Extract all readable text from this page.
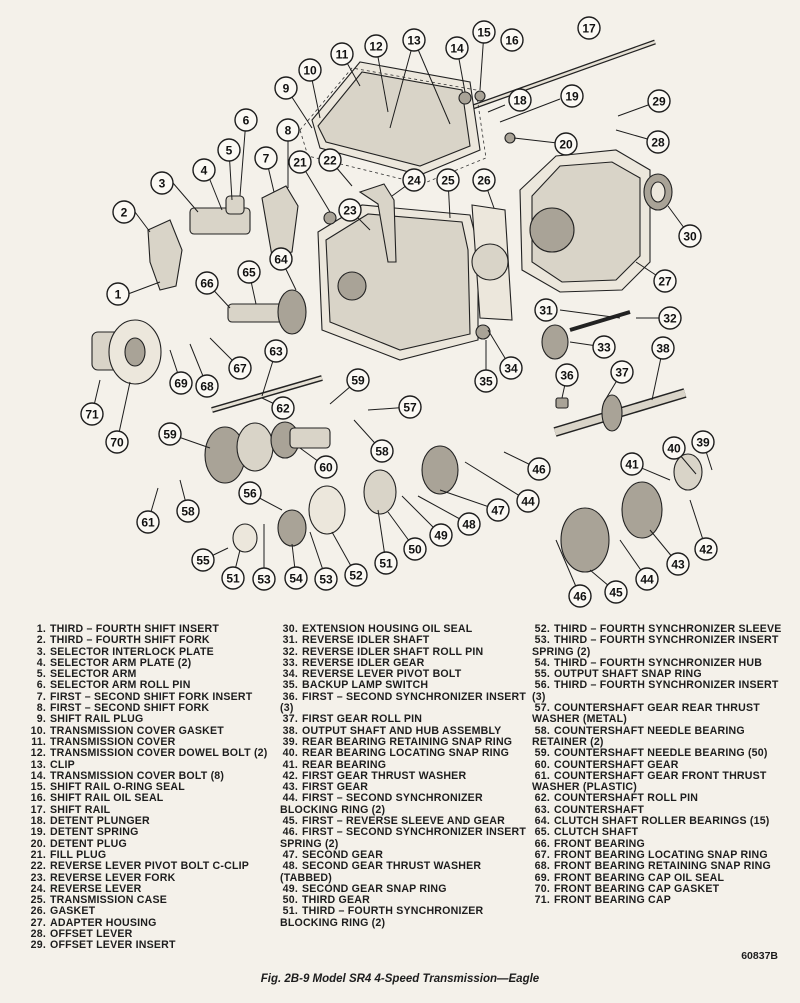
1
2
3
4
5
6
7
8
9
10
11
12 13
14
15
16
17
18	19
20
21 22
23
24 25 26
27
28
29
30
31
32
33
34
35	36	37
38
39
40
41
42
43
44
45
46
47
48
49
50
51
52
53
54
55
56
57
58
59
60
61
62
63
64
65
66
67
68
69
70
71
44
46
51 53
58
59
1. THIRD – FOURTH SHIFT INSERT
2. THIRD – FOURTH SHIFT FORK
3. SELECTOR INTERLOCK PLATE
4. SELECTOR ARM PLATE (2)
5. SELECTOR ARM
6. SELECTOR ARM ROLL PIN
7. FIRST – SECOND SHIFT FORK INSERT
8. FIRST – SECOND SHIFT FORK
9. SHIFT RAIL PLUG
10. TRANSMISSION COVER GASKET
11. TRANSMISSION COVER
12. TRANSMISSION COVER DOWEL BOLT (2)
13. CLIP
14. TRANSMISSION COVER BOLT (8)
15. SHIFT RAIL O-RING SEAL
16. SHIFT RAIL OIL SEAL
17. SHIFT RAIL
18. DETENT PLUNGER
19. DETENT SPRING
20. DETENT PLUG
21. FILL PLUG
22. REVERSE LEVER PIVOT BOLT C-CLIP
23. REVERSE LEVER FORK
24. REVERSE LEVER
25. TRANSMISSION CASE
26. GASKET
27. ADAPTER HOUSING
28. OFFSET LEVER
29. OFFSET LEVER INSERT
30. EXTENSION HOUSING OIL SEAL
31. REVERSE IDLER SHAFT
32. REVERSE IDLER SHAFT ROLL PIN
33. REVERSE IDLER GEAR
34. REVERSE LEVER PIVOT BOLT
35. BACKUP LAMP SWITCH
36. FIRST – SECOND SYNCHRONIZER INSERT (3)
37. FIRST GEAR ROLL PIN
38. OUTPUT SHAFT AND HUB ASSEMBLY
39. REAR BEARING RETAINING SNAP RING
40. REAR BEARING LOCATING SNAP RING
41. REAR BEARING
42. FIRST GEAR THRUST WASHER
43. FIRST GEAR
44. FIRST – SECOND SYNCHRONIZER BLOCKING RING (2)
45. FIRST – REVERSE SLEEVE AND GEAR
46. FIRST – SECOND SYNCHRONIZER INSERT SPRING (2)
47. SECOND GEAR
48. SECOND GEAR THRUST WASHER (TABBED)
49. SECOND GEAR SNAP RING
50. THIRD GEAR
51. THIRD – FOURTH SYNCHRONIZER BLOCKING RING (2)
52. THIRD – FOURTH SYNCHRONIZER SLEEVE
53. THIRD – FOURTH SYNCHRONIZER INSERT SPRING (2)
54. THIRD – FOURTH SYNCHRONIZER HUB
55. OUTPUT SHAFT SNAP RING
56. THIRD – FOURTH SYNCHRONIZER INSERT (3)
57. COUNTERSHAFT GEAR REAR THRUST WASHER (METAL)
58. COUNTERSHAFT NEEDLE BEARING RETAINER (2)
59. COUNTERSHAFT NEEDLE BEARING (50)
60. COUNTERSHAFT GEAR
61. COUNTERSHAFT GEAR FRONT THRUST WASHER (PLASTIC)
62. COUNTERSHAFT ROLL PIN
63. COUNTERSHAFT
64. CLUTCH SHAFT ROLLER BEARINGS (15)
65. CLUTCH SHAFT
66. FRONT BEARING
67. FRONT BEARING LOCATING SNAP RING
68. FRONT BEARING RETAINING SNAP RING
69. FRONT BEARING CAP OIL SEAL
70. FRONT BEARING CAP GASKET
71. FRONT BEARING CAP
60837B
Fig. 2B-9 Model SR4 4-Speed Transmission—Eagle
